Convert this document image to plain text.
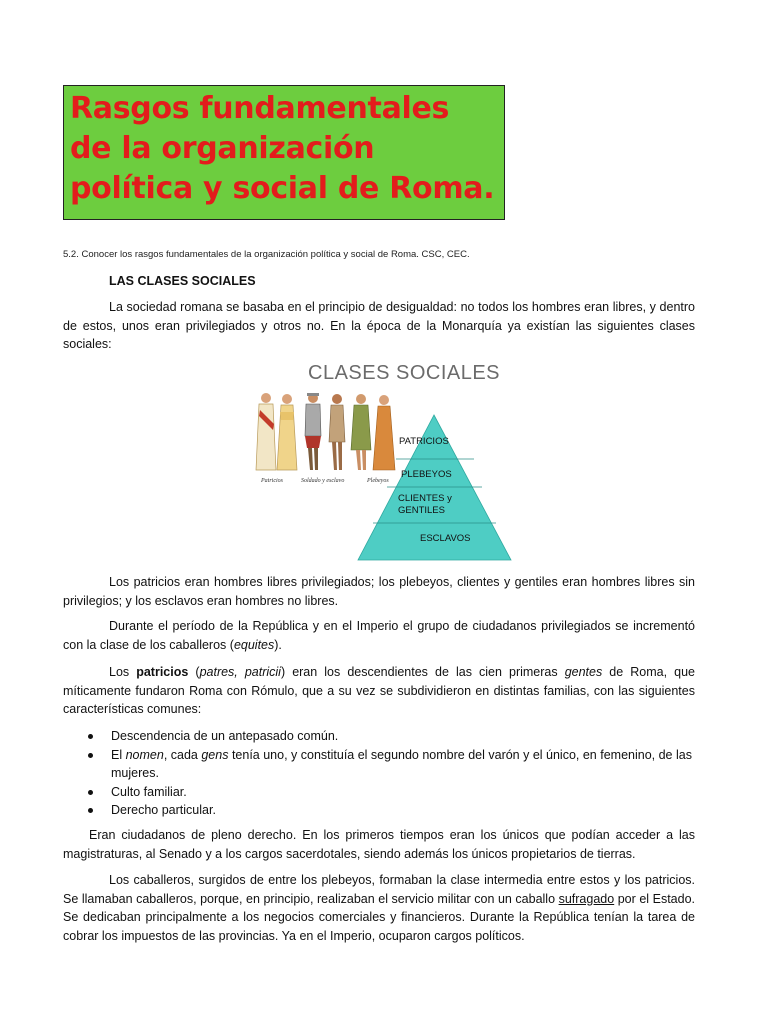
Rasgos fundamentales de la organización política y social de Roma.
5.2. Conocer los rasgos fundamentales de la organización política y social de Roma. CSC, CEC.
LAS CLASES SOCIALES

La sociedad romana se basaba en el principio de desigualdad: no todos los hombres eran libres, y dentro de estos, unos eran privilegiados y otros no. En la época de la Monarquía ya existían las siguientes clases sociales:

CLASES SOCIALES
Patricios	Soldado y esclavo	Plebeyos
PATRICIOS
PLEBEYOS
CLIENTES y
GENTILES
ESCLAVOS

Los patricios eran hombres libres privilegiados; los plebeyos, clientes y gentiles eran hombres libres sin privilegios; y los esclavos eran hombres no libres.

Durante el período de la República y en el Imperio el grupo de ciudadanos privilegiados se incrementó con la clase de los caballeros (equites).

Los patricios (patres, patricii) eran los descendientes de las cien primeras gentes de Roma, que míticamente fundaron Roma con Rómulo, que a su vez se subdividieron en distintas familias, con las siguientes características comunes:

Descendencia de un antepasado común.
El nomen, cada gens tenía uno, y constituía el segundo nombre del varón y el único, en femenino, de las mujeres.
Culto familiar.
Derecho particular.

Eran ciudadanos de pleno derecho. En los primeros tiempos eran los únicos que podían acceder a las magistraturas, al Senado y a los cargos sacerdotales, siendo además los únicos propietarios de tierras.

Los caballeros, surgidos de entre los plebeyos, formaban la clase intermedia entre estos y los patricios. Se llamaban caballeros, porque, en principio, realizaban el servicio militar con un caballo sufragado por el Estado. Se dedicaban principalmente a los negocios comerciales y financieros. Durante la República tenían la tarea de cobrar los impuestos de las provincias. Ya en el Imperio, ocuparon cargos políticos.
